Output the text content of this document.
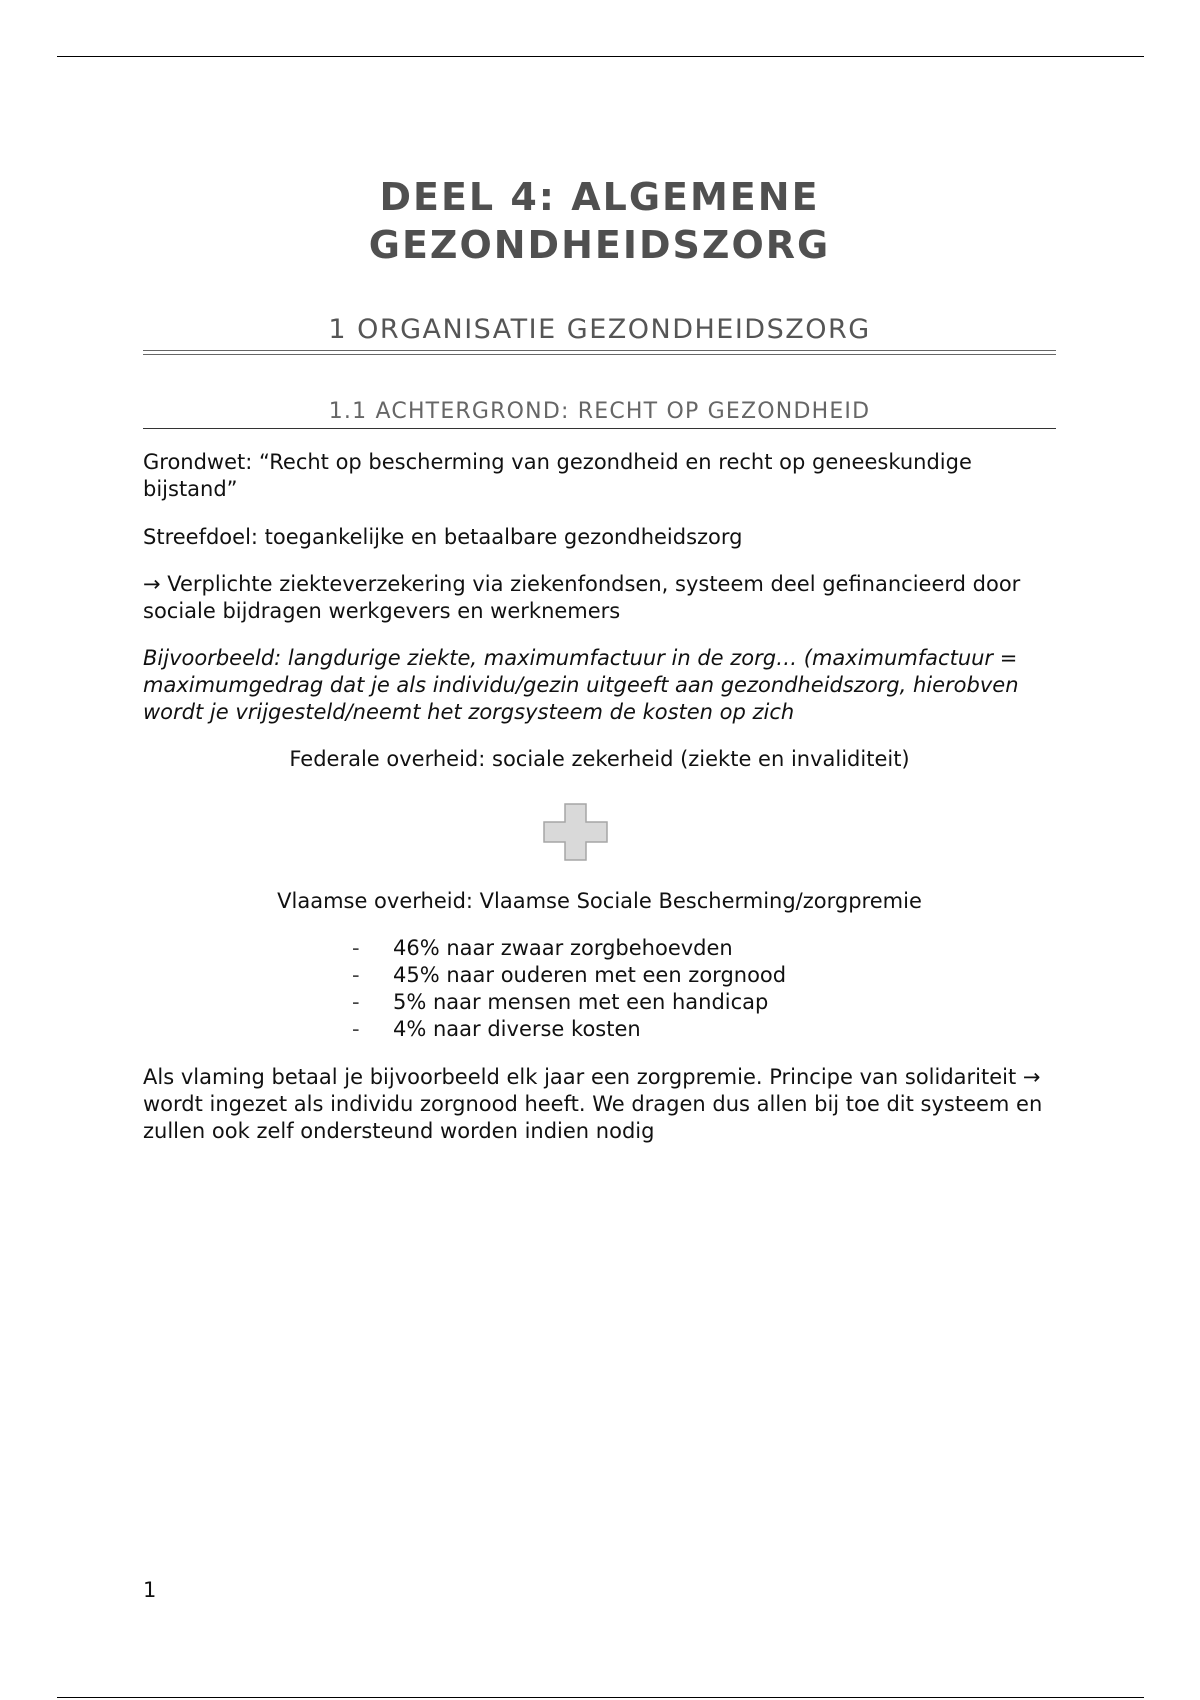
DEEL 4: ALGEMENE
GEZONDHEIDSZORG
1 ORGANISATIE GEZONDHEIDSZORG
1.1 ACHTERGROND: RECHT OP GEZONDHEID

Grondwet: “Recht op bescherming van gezondheid en recht op geneeskundige bijstand”

Streefdoel: toegankelijke en betaalbare gezondheidszorg

→ Verplichte ziekteverzekering via ziekenfondsen, systeem deel gefinancieerd door sociale bijdragen werkgevers en werknemers

Bijvoorbeeld: langdurige ziekte, maximumfactuur in de zorg… (maximumfactuur = maximumgedrag dat je als individu/gezin uitgeeft aan gezondheidszorg, hierobven wordt je vrijgesteld/neemt het zorgsysteem de kosten op zich

Federale overheid: sociale zekerheid (ziekte en invaliditeit)

Vlaamse overheid: Vlaamse Sociale Bescherming/zorgpremie

-	46% naar zwaar zorgbehoevden
-	45% naar ouderen met een zorgnood
-	5% naar mensen met een handicap
-	4% naar diverse kosten

Als vlaming betaal je bijvoorbeeld elk jaar een zorgpremie. Principe van solidariteit → wordt ingezet als individu zorgnood heeft. We dragen dus allen bij toe dit systeem en zullen ook zelf ondersteund worden indien nodig

1
